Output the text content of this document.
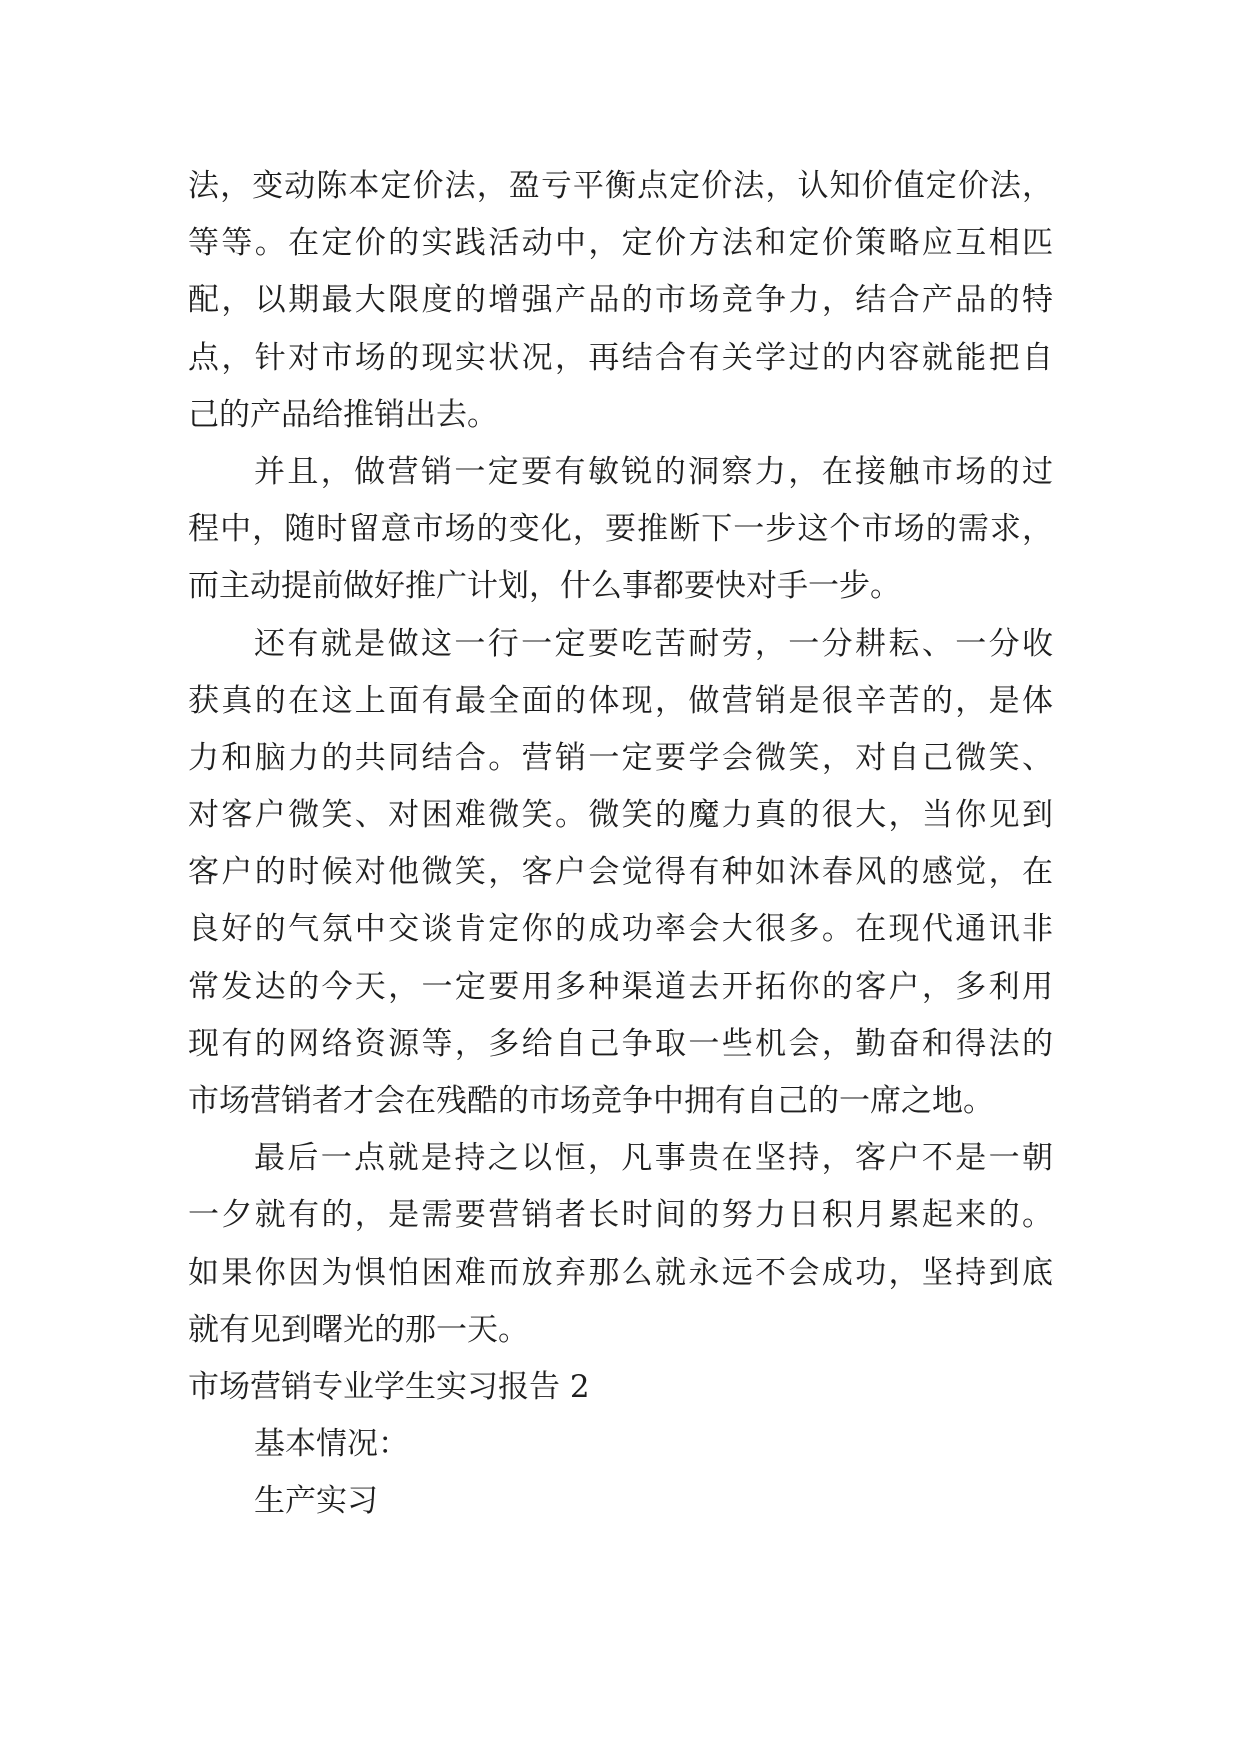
法，变动陈本定价法，盈亏平衡点定价法，认知价值定价法，
等等。在定价的实践活动中，定价方法和定价策略应互相匹
配，以期最大限度的增强产品的市场竞争力，结合产品的特
点，针对市场的现实状况，再结合有关学过的内容就能把自
己的产品给推销出去。
并且，做营销一定要有敏锐的洞察力，在接触市场的过
程中，随时留意市场的变化，要推断下一步这个市场的需求，
而主动提前做好推广计划，什么事都要快对手一步。
还有就是做这一行一定要吃苦耐劳，一分耕耘、一分收
获真的在这上面有最全面的体现，做营销是很辛苦的，是体
力和脑力的共同结合。营销一定要学会微笑，对自己微笑、
对客户微笑、对困难微笑。微笑的魔力真的很大，当你见到
客户的时候对他微笑，客户会觉得有种如沐春风的感觉，在
良好的气氛中交谈肯定你的成功率会大很多。在现代通讯非
常发达的今天，一定要用多种渠道去开拓你的客户，多利用
现有的网络资源等，多给自己争取一些机会，勤奋和得法的
市场营销者才会在残酷的市场竞争中拥有自己的一席之地。
最后一点就是持之以恒，凡事贵在坚持，客户不是一朝
一夕就有的，是需要营销者长时间的努力日积月累起来的。
如果你因为惧怕困难而放弃那么就永远不会成功，坚持到底
就有见到曙光的那一天。
市场营销专业学生实习报告 2
基本情况：
生产实习
